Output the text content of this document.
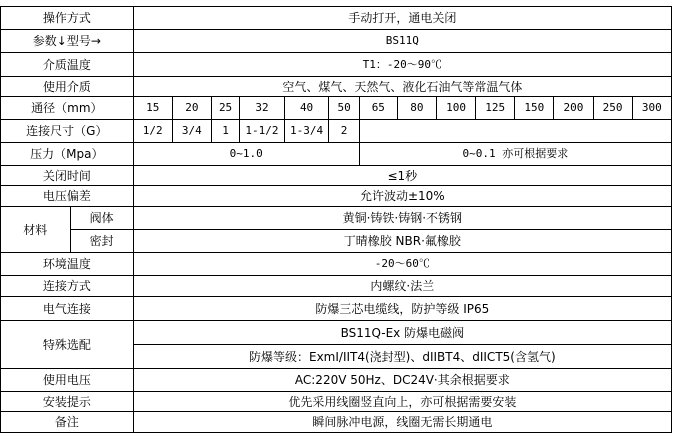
操作方式		手动打开，通电关闭													
参数↓型号→		BS11Q													
介质温度		T1：-20～90℃													
使用介质		空气、煤气、天然气、液化石油气等常温气体													
通径（mm）		15	20	25	32	40	50	65	80	100	125	150	200	250	300
连接尺寸（G）		1/2	3/4	1	1-1/2	1-3/4	2								
压力（Mpa）		0~1.0						0~0.1 亦可根据要求							
关闭时间		≤1秒													
电压偏差		允许波动±10%													
材料	阀体	黄铜·铸铁·铸钢·不锈钢													
	密封	丁晴橡胶 NBR·氟橡胶													
环境温度		-20～60℃													
连接方式		内螺纹·法兰													
电气连接		防爆三芯电缆线，防护等级 IP65													
特殊选配		BS11Q-Ex 防爆电磁阀													
		防爆等级：ExmI/IIT4(浇封型)、dIIBT4、dIICT5(含氢气)													
使用电压		AC:220V 50Hz、DC24V·其余根据要求													
安装提示		优先采用线圈竖直向上，亦可根据需要安装													
备注		瞬间脉冲电源，线圈无需长期通电													
